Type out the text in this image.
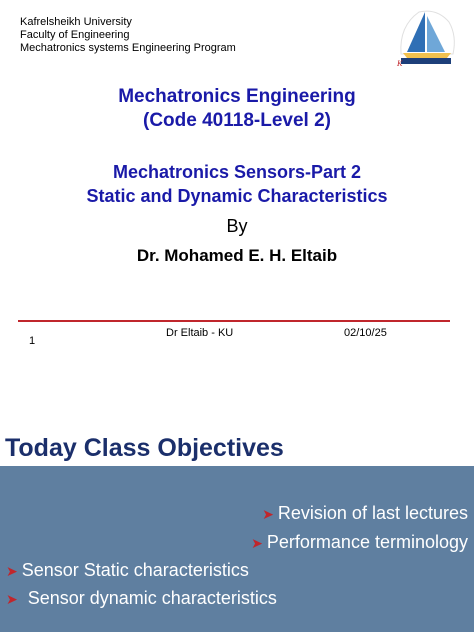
Kafrelsheikh University
Faculty of Engineering
Mechatronics systems Engineering Program
K
Mechatronics Engineering
(Code 40118-Level 2)
Mechatronics Sensors-Part 2
Static and Dynamic Characteristics
By
Dr. Mohamed E. H. Eltaib
Dr Eltaib - KU	02/10/25
1
Today Class Objectives
➤ Revision of last lectures
➤ Performance terminology
➤ Sensor Static characteristics
➤ Sensor dynamic characteristics
